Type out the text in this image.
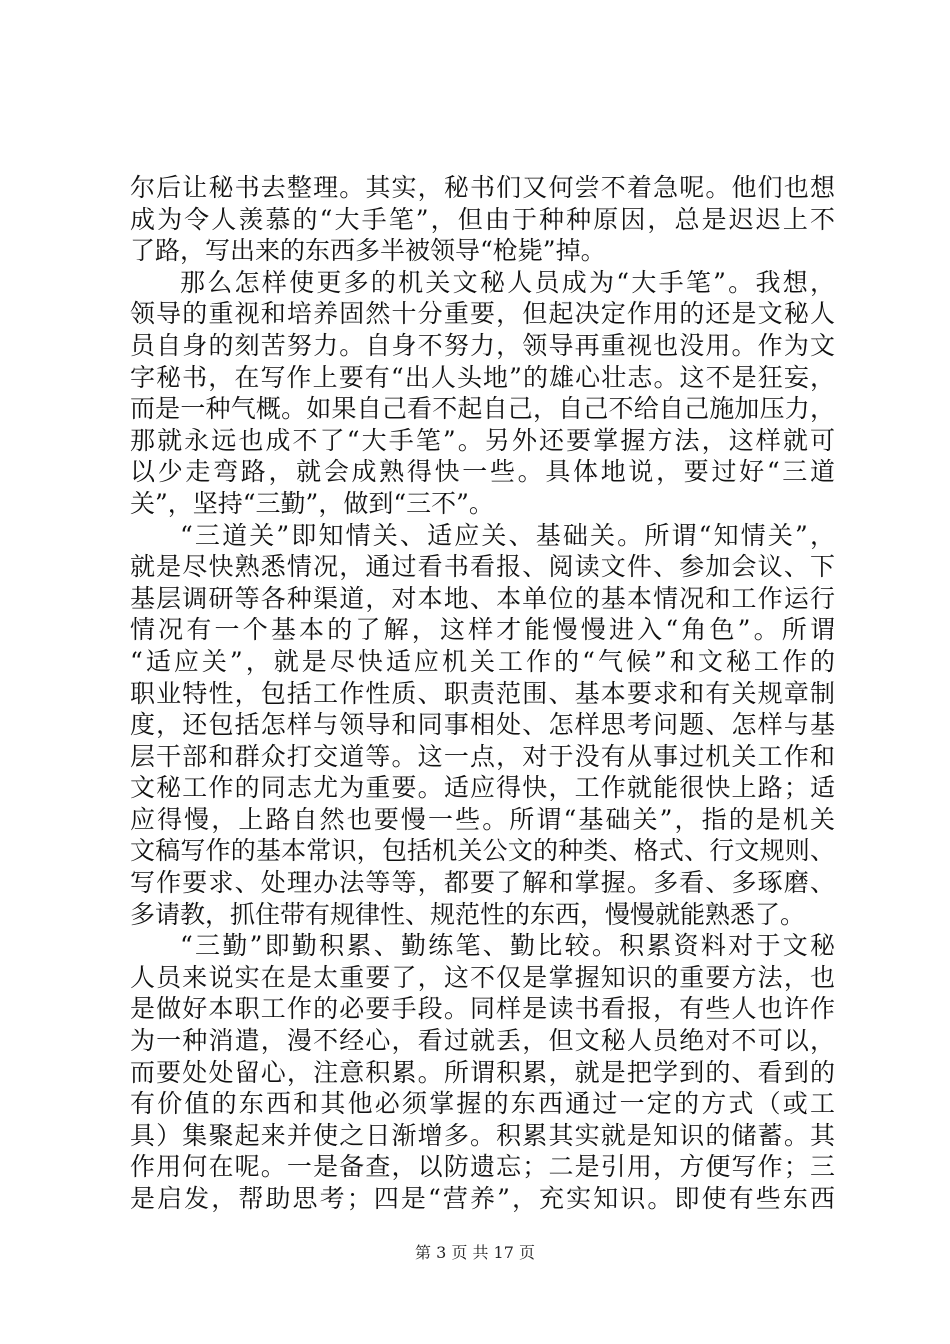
尔后让秘书去整理。其实，秘书们又何尝不着急呢。他们也想
成为令人羡慕的“大手笔”，但由于种种原因，总是迟迟上不
了路，写出来的东西多半被领导“枪毙”掉。
那么怎样使更多的机关文秘人员成为“大手笔”。我想，
领导的重视和培养固然十分重要，但起决定作用的还是文秘人
员自身的刻苦努力。自身不努力，领导再重视也没用。作为文
字秘书，在写作上要有“出人头地”的雄心壮志。这不是狂妄，
而是一种气概。如果自己看不起自己，自己不给自己施加压力，
那就永远也成不了“大手笔”。另外还要掌握方法，这样就可
以少走弯路，就会成熟得快一些。具体地说，要过好“三道
关”，坚持“三勤”，做到“三不”。
“三道关”即知情关、适应关、基础关。所谓“知情关”，
就是尽快熟悉情况，通过看书看报、阅读文件、参加会议、下
基层调研等各种渠道，对本地、本单位的基本情况和工作运行
情况有一个基本的了解，这样才能慢慢进入“角色”。所谓
“适应关”，就是尽快适应机关工作的“气候”和文秘工作的
职业特性，包括工作性质、职责范围、基本要求和有关规章制
度，还包括怎样与领导和同事相处、怎样思考问题、怎样与基
层干部和群众打交道等。这一点，对于没有从事过机关工作和
文秘工作的同志尤为重要。适应得快，工作就能很快上路；适
应得慢，上路自然也要慢一些。所谓“基础关”，指的是机关
文稿写作的基本常识，包括机关公文的种类、格式、行文规则、
写作要求、处理办法等等，都要了解和掌握。多看、多琢磨、
多请教，抓住带有规律性、规范性的东西，慢慢就能熟悉了。
“三勤”即勤积累、勤练笔、勤比较。积累资料对于文秘
人员来说实在是太重要了，这不仅是掌握知识的重要方法，也
是做好本职工作的必要手段。同样是读书看报，有些人也许作
为一种消遣，漫不经心，看过就丢，但文秘人员绝对不可以，
而要处处留心，注意积累。所谓积累，就是把学到的、看到的
有价值的东西和其他必须掌握的东西通过一定的方式（或工
具）集聚起来并使之日渐增多。积累其实就是知识的储蓄。其
作用何在呢。一是备查，以防遗忘；二是引用，方便写作；三
是启发，帮助思考；四是“营养”，充实知识。即使有些东西
第 3 页 共 17 页
